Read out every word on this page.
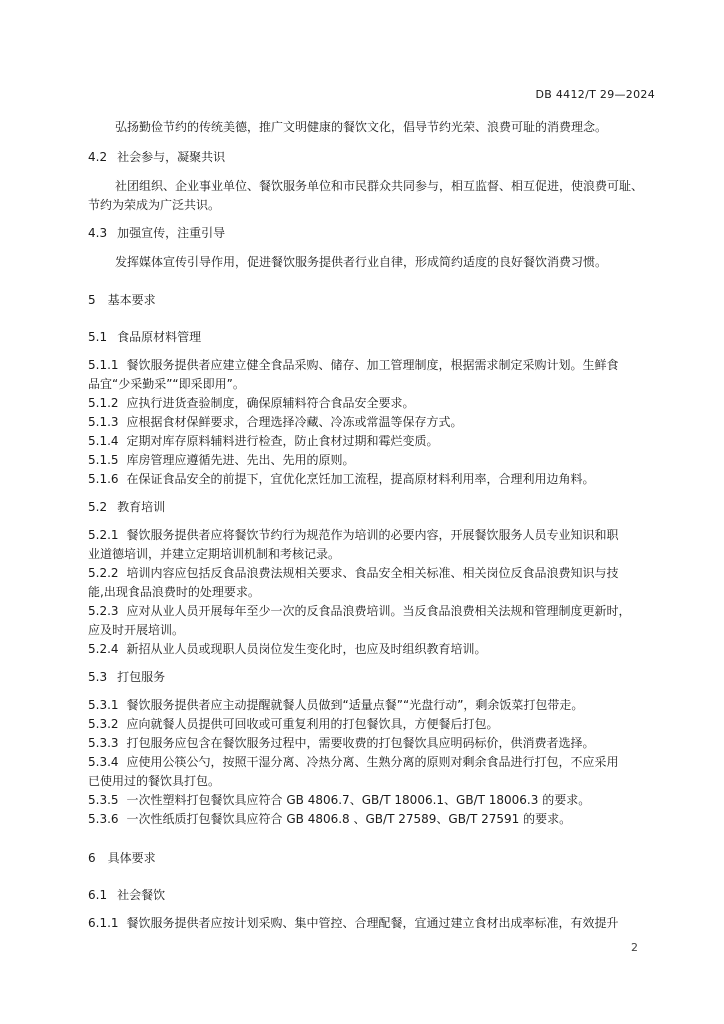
DB 4412/T 29—2024
弘扬勤俭节约的传统美德，推广文明健康的餐饮文化，倡导节约光荣、浪费可耻的消费理念。
4.2 社会参与，凝聚共识
社团组织、企业事业单位、餐饮服务单位和市民群众共同参与，相互监督、相互促进，使浪费可耻、
节约为荣成为广泛共识。
4.3 加强宣传，注重引导
发挥媒体宣传引导作用，促进餐饮服务提供者行业自律，形成简约适度的良好餐饮消费习惯。
5 基本要求
5.1 食品原材料管理
5.1.1 餐饮服务提供者应建立健全食品采购、储存、加工管理制度，根据需求制定采购计划。生鲜食
品宜“少采勤采”“即采即用”。
5.1.2 应执行进货查验制度，确保原辅料符合食品安全要求。
5.1.3 应根据食材保鲜要求，合理选择冷藏、冷冻或常温等保存方式。
5.1.4 定期对库存原料辅料进行检查，防止食材过期和霉烂变质。
5.1.5 库房管理应遵循先进、先出、先用的原则。
5.1.6 在保证食品安全的前提下，宜优化烹饪加工流程，提高原材料利用率，合理利用边角料。
5.2 教育培训
5.2.1 餐饮服务提供者应将餐饮节约行为规范作为培训的必要内容，开展餐饮服务人员专业知识和职
业道德培训，并建立定期培训机制和考核记录。
5.2.2 培训内容应包括反食品浪费法规相关要求、食品安全相关标准、相关岗位反食品浪费知识与技
能,出现食品浪费时的处理要求。
5.2.3 应对从业人员开展每年至少一次的反食品浪费培训。当反食品浪费相关法规和管理制度更新时，
应及时开展培训。
5.2.4 新招从业人员或现职人员岗位发生变化时，也应及时组织教育培训。
5.3 打包服务
5.3.1 餐饮服务提供者应主动提醒就餐人员做到“适量点餐”“光盘行动”，剩余饭菜打包带走。
5.3.2 应向就餐人员提供可回收或可重复利用的打包餐饮具，方便餐后打包。
5.3.3 打包服务应包含在餐饮服务过程中，需要收费的打包餐饮具应明码标价，供消费者选择。
5.3.4 应使用公筷公勺，按照干湿分离、冷热分离、生熟分离的原则对剩余食品进行打包，不应采用
已使用过的餐饮具打包。
5.3.5 一次性塑料打包餐饮具应符合 GB 4806.7、GB/T 18006.1、GB/T 18006.3 的要求。
5.3.6 一次性纸质打包餐饮具应符合 GB 4806.8 、GB/T 27589、GB/T 27591 的要求。
6 具体要求
6.1 社会餐饮
6.1.1 餐饮服务提供者应按计划采购、集中管控、合理配餐，宜通过建立食材出成率标准，有效提升
2
